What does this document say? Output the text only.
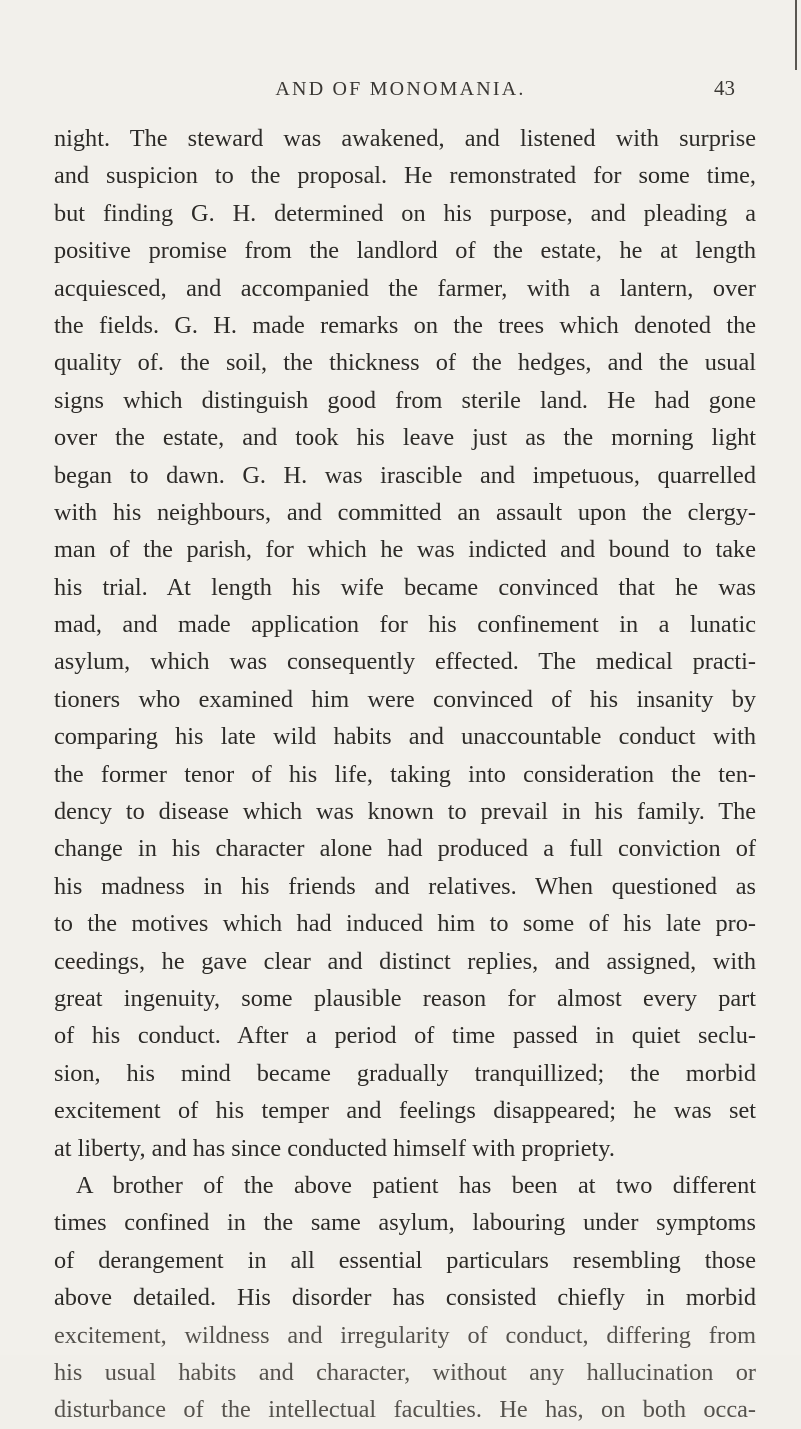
AND OF MONOMANIA.	43
night. The steward was awakened, and listened with surprise
and suspicion to the proposal. He remonstrated for some time,
but finding G. H. determined on his purpose, and pleading a
positive promise from the landlord of the estate, he at length
acquiesced, and accompanied the farmer, with a lantern, over
the fields. G. H. made remarks on the trees which denoted the
quality of. the soil, the thickness of the hedges, and the usual
signs which distinguish good from sterile land. He had gone
over the estate, and took his leave just as the morning light
began to dawn. G. H. was irascible and impetuous, quarrelled
with his neighbours, and committed an assault upon the clergy-
man of the parish, for which he was indicted and bound to take
his trial. At length his wife became convinced that he was
mad, and made application for his confinement in a lunatic
asylum, which was consequently effected. The medical practi-
tioners who examined him were convinced of his insanity by
comparing his late wild habits and unaccountable conduct with
the former tenor of his life, taking into consideration the ten-
dency to disease which was known to prevail in his family. The
change in his character alone had produced a full conviction of
his madness in his friends and relatives. When questioned as
to the motives which had induced him to some of his late pro-
ceedings, he gave clear and distinct replies, and assigned, with
great ingenuity, some plausible reason for almost every part
of his conduct. After a period of time passed in quiet seclu-
sion, his mind became gradually tranquillized; the morbid
excitement of his temper and feelings disappeared; he was set
at liberty, and has since conducted himself with propriety.
A brother of the above patient has been at two different
times confined in the same asylum, labouring under symptoms
of derangement in all essential particulars resembling those
above detailed. His disorder has consisted chiefly in morbid
excitement, wildness and irregularity of conduct, differing from
his usual habits and character, without any hallucination or
disturbance of the intellectual faculties. He has, on both occa-
